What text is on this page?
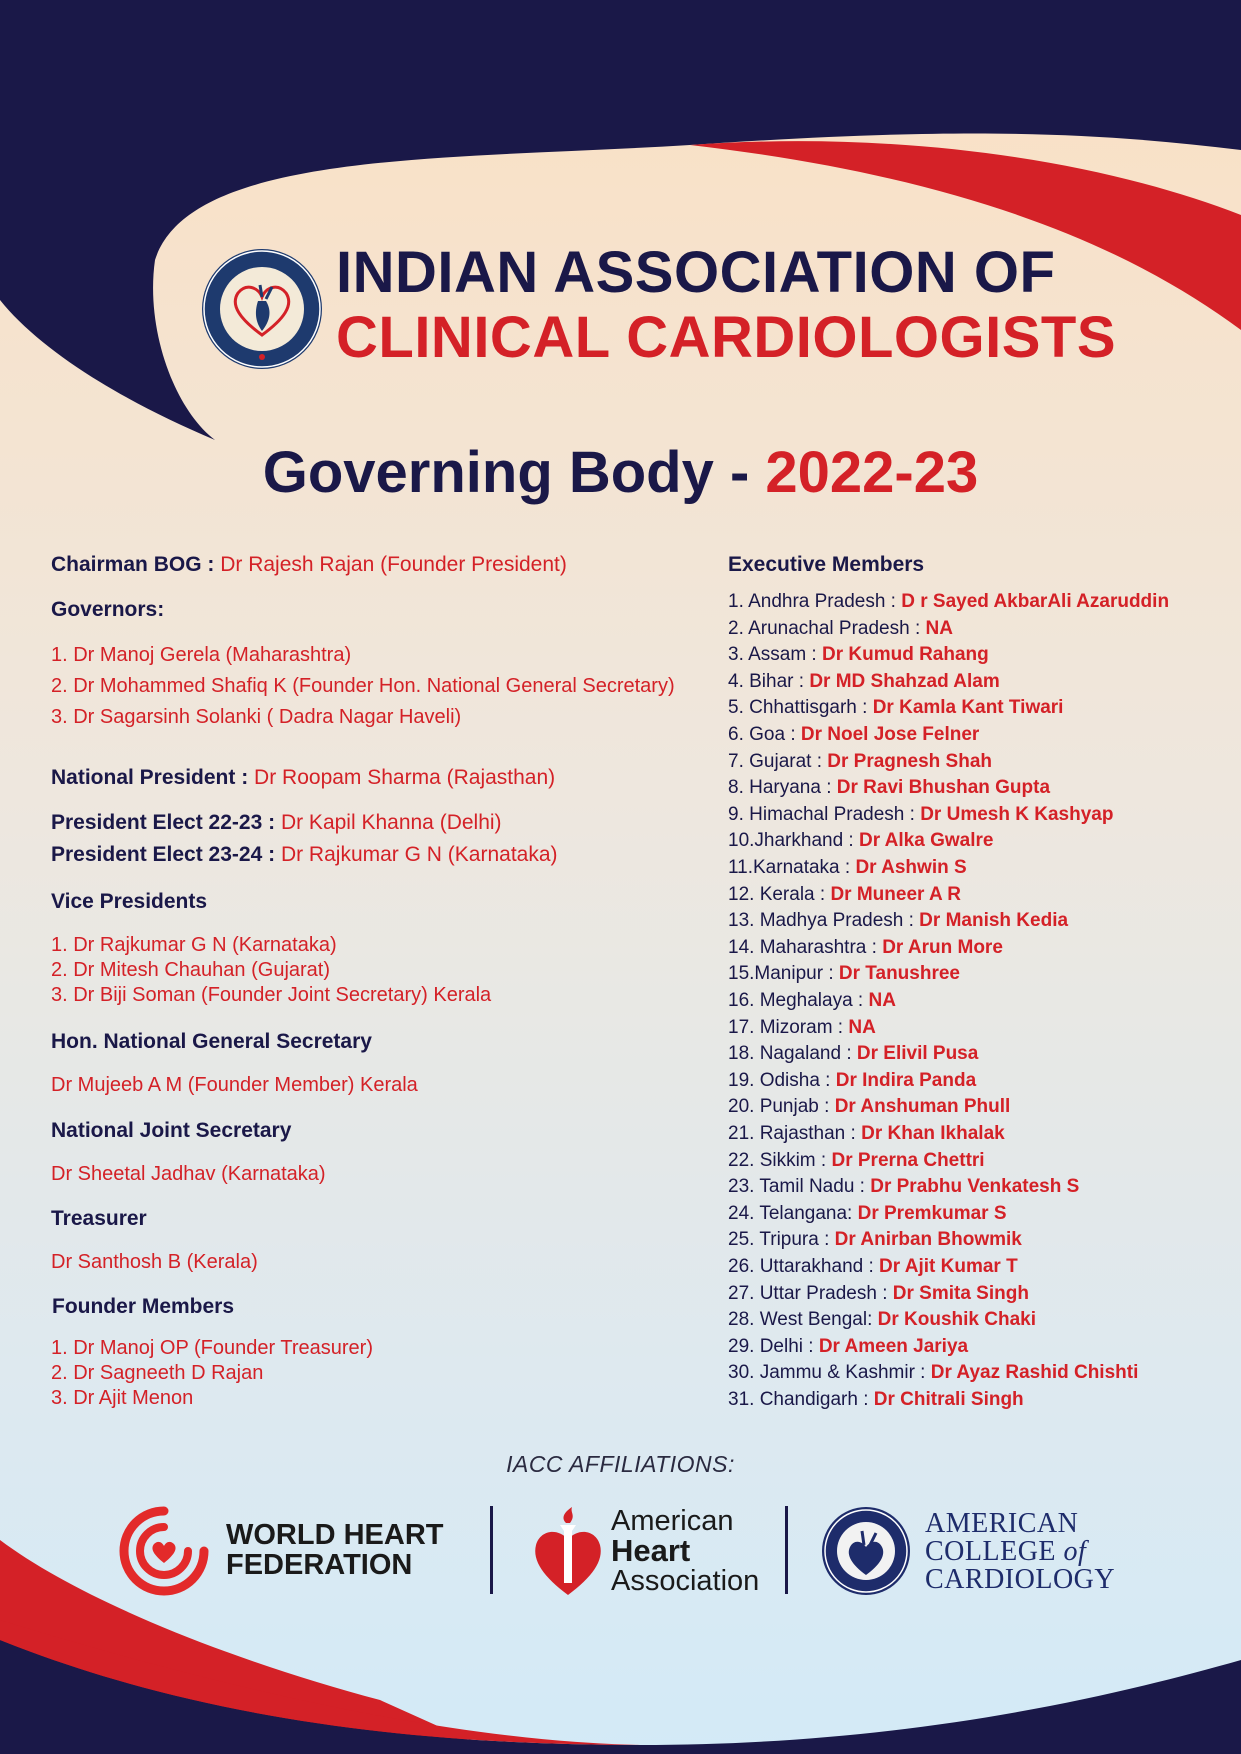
INDIAN ASSOCIATION OF
CLINICAL CARDIOLOGISTS
Governing Body - 2022-23
Chairman BOG : Dr Rajesh Rajan (Founder President)
Governors:
1. Dr Manoj Gerela (Maharashtra)
2. Dr Mohammed Shafiq K (Founder Hon. National General Secretary)
3. Dr Sagarsinh Solanki ( Dadra Nagar Haveli)
National President : Dr Roopam Sharma (Rajasthan)
President Elect 22-23 : Dr Kapil Khanna (Delhi)
President Elect 23-24 : Dr Rajkumar G N (Karnataka)
Vice Presidents
1. Dr Rajkumar G N (Karnataka)
2. Dr Mitesh Chauhan (Gujarat)
3. Dr Biji Soman (Founder Joint Secretary) Kerala
Hon. National General Secretary
Dr Mujeeb A M (Founder Member) Kerala
National Joint Secretary
Dr Sheetal Jadhav (Karnataka)
Treasurer
Dr Santhosh B (Kerala)
Founder Members
1. Dr Manoj OP (Founder Treasurer)
2. Dr Sagneeth D Rajan
3. Dr Ajit Menon
Executive Members
1. Andhra Pradesh : D r Sayed AkbarAli Azaruddin
2. Arunachal Pradesh : NA
3. Assam : Dr Kumud Rahang
4. Bihar : Dr MD Shahzad Alam
5. Chhattisgarh : Dr Kamla Kant Tiwari
6. Goa : Dr Noel Jose Felner
7. Gujarat : Dr Pragnesh Shah
8. Haryana : Dr Ravi Bhushan Gupta
9. Himachal Pradesh : Dr Umesh K Kashyap
10.Jharkhand : Dr Alka Gwalre
11.Karnataka : Dr Ashwin S
12. Kerala : Dr Muneer A R
13. Madhya Pradesh : Dr Manish Kedia
14. Maharashtra : Dr Arun More
15.Manipur : Dr Tanushree
16. Meghalaya : NA
17. Mizoram : NA
18. Nagaland : Dr Elivil Pusa
19. Odisha : Dr Indira Panda
20. Punjab : Dr Anshuman Phull
21. Rajasthan : Dr Khan Ikhalak
22. Sikkim : Dr Prerna Chettri
23. Tamil Nadu : Dr Prabhu Venkatesh S
24. Telangana: Dr Premkumar S
25. Tripura : Dr Anirban Bhowmik
26. Uttarakhand : Dr Ajit Kumar T
27. Uttar Pradesh : Dr Smita Singh
28. West Bengal: Dr Koushik Chaki
29. Delhi : Dr Ameen Jariya
30. Jammu & Kashmir : Dr Ayaz Rashid Chishti
31. Chandigarh : Dr Chitrali Singh
IACC AFFILIATIONS:
WORLD HEART
FEDERATION
American
Heart
Association
AMERICAN
COLLEGE of
CARDIOLOGY
